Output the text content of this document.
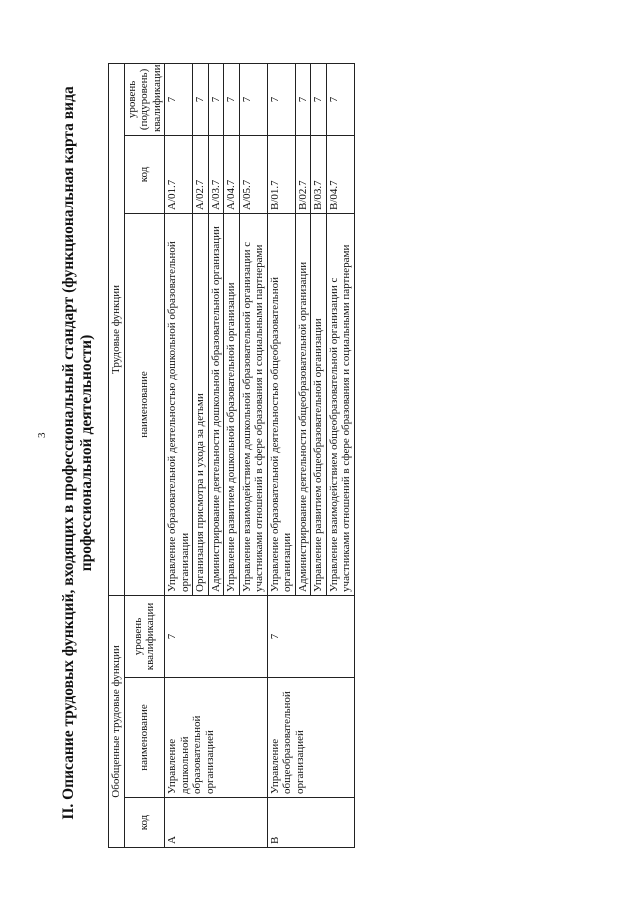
3 II. Описание трудовых функций, входящих в профессиональный стандарт (функциональная карта вида профессиональной деятельности)

Обобщенные трудовые функции			Трудовые функции		
код	наименование	уровень квалификации	наименование	код	уровень (подуровень) квалификации
А	Управление дошкольной образовательной организацией	7	Управление образовательной деятельностью дошкольной образовательной организации	A/01.7	7
			Организация присмотра и ухода за детьми	A/02.7	7
			Администрирование деятельности дошкольной образовательной организации	A/03.7	7
			Управление развитием дошкольной образовательной организации	A/04.7	7
			Управление взаимодействием дошкольной образовательной организации с участниками отношений в сфере образования и социальными партнерами	A/05.7	7
В	Управление общеобразовательной организацией	7	Управление образовательной деятельностью общеобразовательной организации	B/01.7	7
			Администрирование деятельности общеобразовательной организации	B/02.7	7
			Управление развитием общеобразовательной организации	B/03.7	7
			Управление взаимодействием общеобразовательной организации с участниками отношений в сфере образования и социальными партнерами	B/04.7	7
